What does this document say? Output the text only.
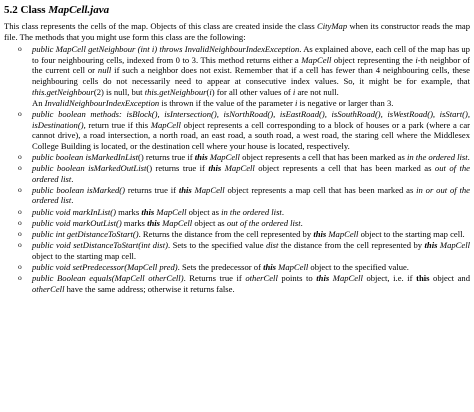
5.2 Class MapCell.java

This class represents the cells of the map. Objects of this class are created inside the class CityMap when its constructor reads the map file. The methods that you might use form this class are the following:

o public MapCell getNeighbour (int i) throws InvalidNeighbourIndexException. As explained above, each cell of the map has up to four neighbouring cells, indexed from 0 to 3. This method returns either a MapCell object representing the i-th neighbor of the current cell or null if such a neighbor does not exist. Remember that if a cell has fewer than 4 neighbouring cells, these neighbouring cells do not necessarily need to appear at consecutive index values. So, it might be for example, that this.getNeighbour(2) is null, but this.getNeighbour(i) for all other values of i are not null.

An InvalidNeighbourIndexException is thrown if the value of the parameter i is negative or larger than 3.

o public boolean methods: isBlock(), isIntersection(), isNorthRoad(), isEastRoad(), isSouthRoad(), isWestRoad(), isStart(), isDestination(), return true if this MapCell object represents a cell corresponding to a block of houses or a park (where a car cannot drive), a road intersection, a north road, an east road, a south road, a west road, the staring cell where the Middlesex College Building is located, or the destination cell where your house is located, respectively.
o public boolean isMarkedInList() returns true if this MapCell object represents a cell that has been marked as in the ordered list.
o public boolean isMarkedOutList() returns true if this MapCell object represents a cell that has been marked as out of the ordered list.
o public boolean isMarked() returns true if this MapCell object represents a map cell that has been marked as in or out of the ordered list.
o public void markInList() marks this MapCell object as in the ordered list.
o public void markOutList() marks this MapCell object as out of the ordered list.
o public int getDistanceToStart(). Returns the distance from the cell represented by this MapCell object to the starting map cell.
o public void setDistanceToStart(int dist). Sets to the specified value dist the distance from the cell represented by this MapCell object to the starting map cell.
o public void setPredecessor(MapCell pred). Sets the predecessor of this MapCell object to the specified value.
o public Boolean equals(MapCell otherCell). Returns true if otherCell points to this MapCell object, i.e. if this object and otherCell have the same address; otherwise it returns false.
